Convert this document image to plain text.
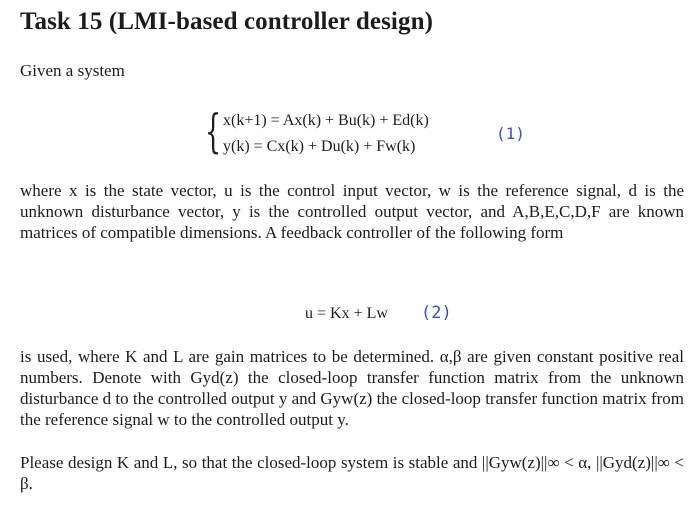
Task 15 (LMI-based controller design)
Given a system
{ x(k+1) = Ax(k) + Bu(k) + Ed(k)
y(k) = Cx(k) + Du(k) + Fw(k)
(1)
where x is the state vector, u is the control input vector, w is the reference signal, d is the unknown disturbance vector, y is the controlled output vector, and A,B,E,C,D,F are known matrices of compatible dimensions. A feedback controller of the following form
u = Kx + Lw (2)
is used, where K and L are gain matrices to be determined. α,β are given constant positive real numbers. Denote with Gyd(z) the closed-loop transfer function matrix from the unknown disturbance d to the controlled output y and Gyw(z) the closed-loop transfer function matrix from the reference signal w to the controlled output y.
Please design K and L, so that the closed-loop system is stable and ||Gyw(z)||∞ < α, ||Gyd(z)||∞ < β.
